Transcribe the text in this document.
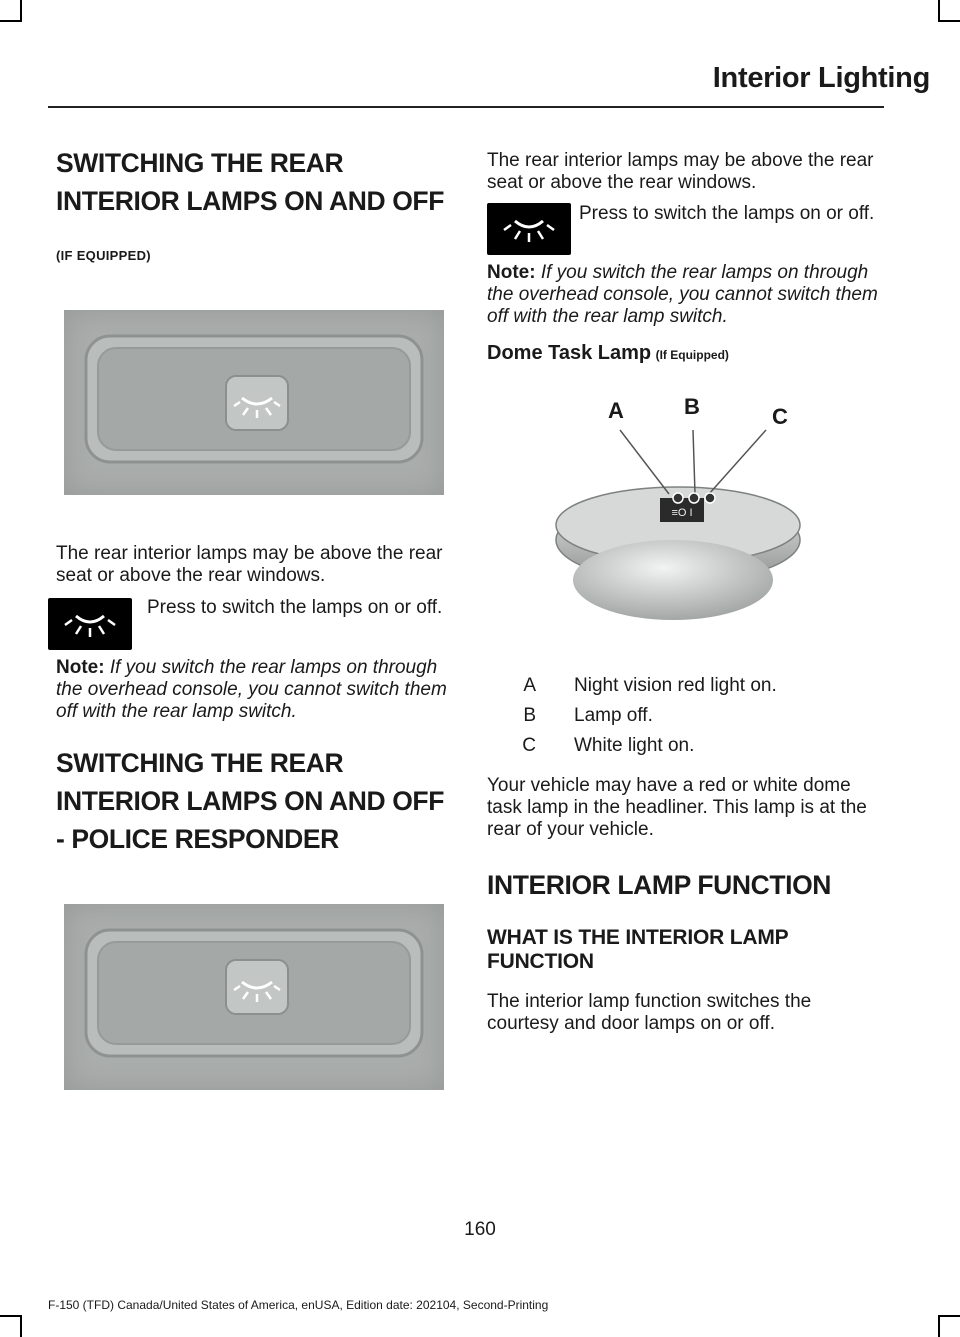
Interior Lighting
SWITCHING THE REAR
INTERIOR LAMPS ON AND OFF
(IF EQUIPPED)

The rear interior lamps may be above the rear seat or above the rear windows.

Press to switch the lamps on or off.

Note: If you switch the rear lamps on through the overhead console, you cannot switch them off with the rear lamp switch.

SWITCHING THE REAR
INTERIOR LAMPS ON AND OFF
- POLICE RESPONDER

The rear interior lamps may be above the rear seat or above the rear windows.

Press to switch the lamps on or off.

Note: If you switch the rear lamps on through the overhead console, you cannot switch them off with the rear lamp switch.

Dome Task Lamp (If Equipped)
≡O I
A	B	C
A Night vision red light on.
B Lamp off.
C White light on.

Your vehicle may have a red or white dome task lamp in the headliner. This lamp is at the rear of your vehicle.

INTERIOR LAMP FUNCTION
WHAT IS THE INTERIOR LAMP
FUNCTION

The interior lamp function switches the courtesy and door lamps on or off.

160
F-150 (TFD) Canada/United States of America, enUSA, Edition date: 202104, Second-Printing
